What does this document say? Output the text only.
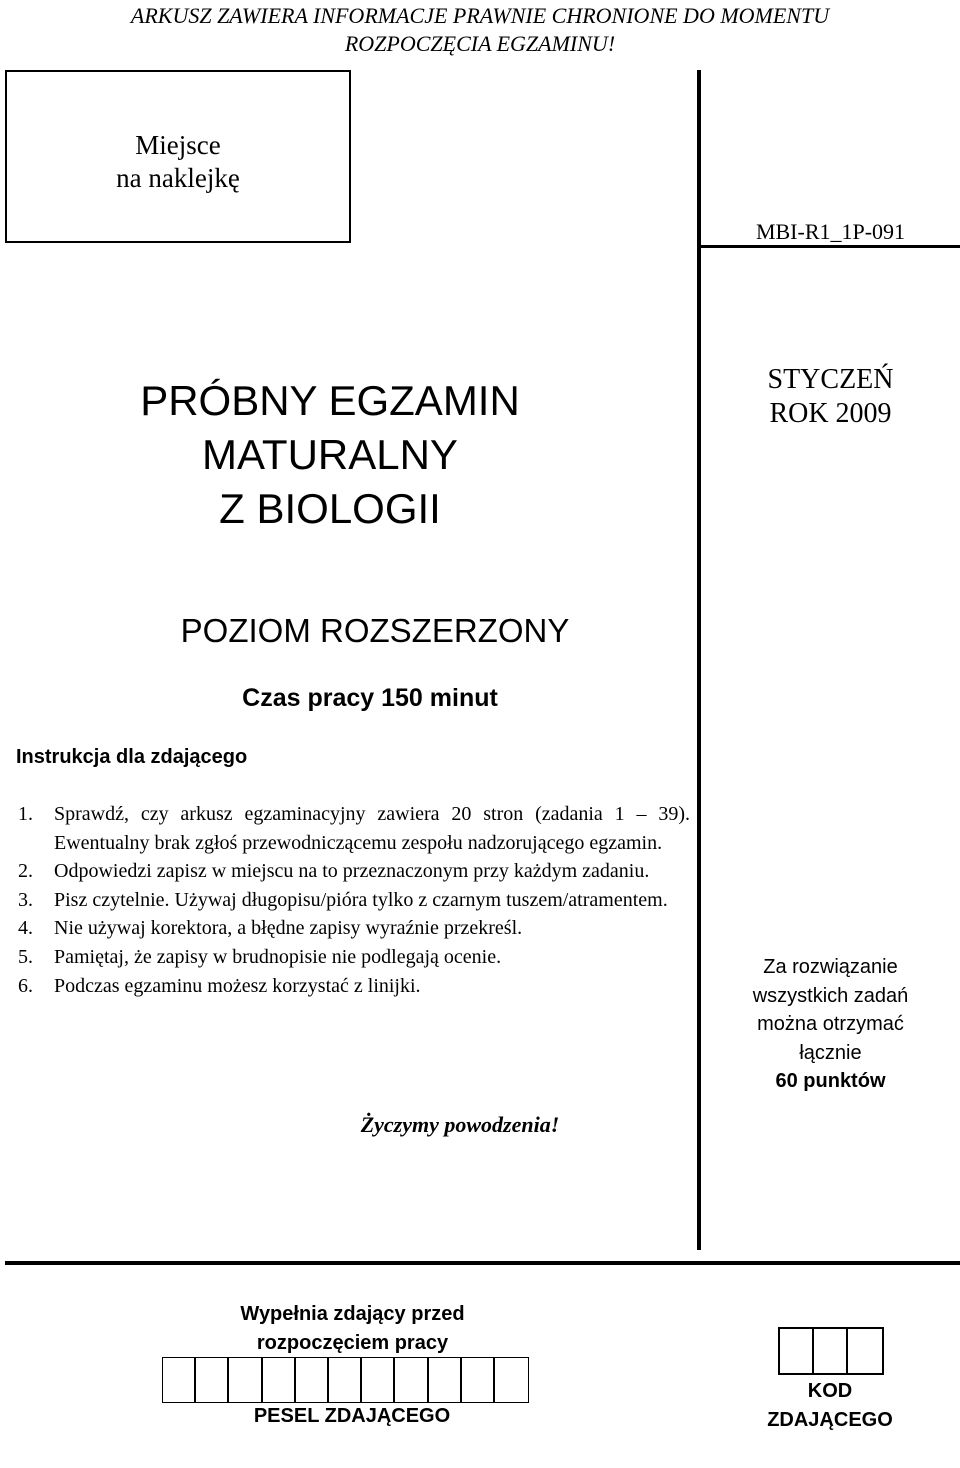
ARKUSZ ZAWIERA INFORMACJE PRAWNIE CHRONIONE DO MOMENTU
ROZPOCZĘCIA EGZAMINU!
Miejsce
na naklejkę
MBI-R1_1P-091
STYCZEŃ
ROK 2009
PRÓBNY EGZAMIN
MATURALNY
Z BIOLOGII
POZIOM ROZSZERZONY
Czas pracy 150 minut
Instrukcja dla zdającego
1.	Sprawdź, czy arkusz egzaminacyjny zawiera 20 stron (zadania 1 – 39). Ewentualny brak zgłoś przewodniczącemu zespołu nadzorującego egzamin.
2.	Odpowiedzi zapisz w miejscu na to przeznaczonym przy każdym zadaniu.
3.	Pisz czytelnie. Używaj długopisu/pióra tylko z czarnym tuszem/atramentem.
4.	Nie używaj korektora, a błędne zapisy wyraźnie przekreśl.
5.	Pamiętaj, że zapisy w brudnopisie nie podlegają ocenie.
6.	Podczas egzaminu możesz korzystać z linijki.
Za rozwiązanie
wszystkich zadań
można otrzymać
łącznie
60 punktów
Życzymy powodzenia!
Wypełnia zdający przed
rozpoczęciem pracy
PESEL ZDAJĄCEGO
KOD
ZDAJĄCEGO
